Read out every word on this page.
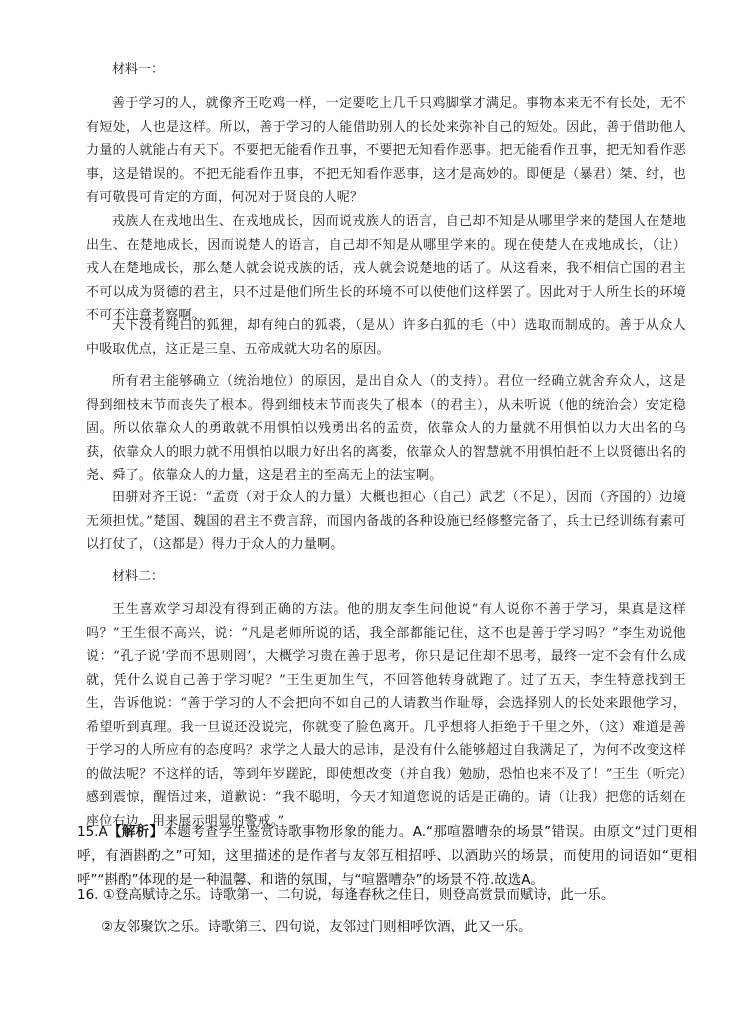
材料一：

善于学习的人，就像齐王吃鸡一样，一定要吃上几千只鸡脚掌才满足。事物本来无不有长处，无不有短处，人也是这样。所以，善于学习的人能借助别人的长处来弥补自己的短处。因此，善于借助他人力量的人就能占有天下。不要把无能看作丑事，不要把无知看作恶事。把无能看作丑事，把无知看作恶事，这是错误的。不把无能看作丑事，不把无知看作恶事，这才是高妙的。即便是（暴君）桀、纣，也有可敬畏可肯定的方面，何况对于贤良的人呢？

戎族人在戎地出生、在戎地成长，因而说戎族人的语言，自己却不知是从哪里学来的楚国人在楚地出生、在楚地成长，因而说楚人的语言，自己却不知是从哪里学来的。现在使楚人在戎地成长，（让）戎人在楚地成长，那么楚人就会说戎族的话，戎人就会说楚地的话了。从这看来，我不相信亡国的君主不可以成为贤德的君主，只不过是他们所生长的环境不可以使他们这样罢了。因此对于人所生长的环境不可不注意考察啊。

天下没有纯白的狐狸，却有纯白的狐裘，（是从）许多白狐的毛（中）选取而制成的。善于从众人中吸取优点，这正是三皇、五帝成就大功名的原因。

所有君主能够确立（统治地位）的原因，是出自众人（的支持）。君位一经确立就舍弃众人，这是得到细枝末节而丧失了根本。得到细枝末节而丧失了根本（的君主），从未听说（他的统治会）安定稳固。所以依靠众人的勇敢就不用惧怕以残勇出名的孟贲，依靠众人的力量就不用惧怕以力大出名的乌获，依靠众人的眼力就不用惧怕以眼力好出名的离娄，依靠众人的智慧就不用惧怕赶不上以贤德出名的尧、舜了。依靠众人的力量，这是君主的至高无上的法宝啊。

田骈对齐王说：“孟贲（对于众人的力量）大概也担心（自己）武艺（不足），因而（齐国的）边境无须担忧。”楚国、魏国的君主不费言辞，而国内备战的各种设施已经修整完备了，兵士已经训练有素可以打仗了，（这都是）得力于众人的力量啊。

材料二：

王生喜欢学习却没有得到正确的方法。他的朋友李生问他说“有人说你不善于学习，果真是这样吗？”王生很不高兴，说：“凡是老师所说的话，我全部都能记住，这不也是善于学习吗？”李生劝说他说：“孔子说‘学而不思则罔’，大概学习贵在善于思考，你只是记住却不思考，最终一定不会有什么成就，凭什么说自己善于学习呢？”王生更加生气，不回答他转身就跑了。过了五天，李生特意找到王生，告诉他说：“善于学习的人不会把向不如自己的人请教当作耻辱，会选择别人的长处来跟他学习，希望听到真理。我一旦说还没说完，你就变了脸色离开。几乎想将人拒绝于千里之外，（这）难道是善于学习的人所应有的态度吗？求学之人最大的忌讳，是没有什么能够超过自我满足了，为何不改变这样的做法呢？不这样的话，等到年岁蹉跎，即使想改变（并自我）勉励，恐怕也来不及了！”王生（听完）感到震惊，醒悟过来，道歉说：“我不聪明，今天才知道您说的话是正确的。请（让我）把您的话刻在座位右边，用来展示明显的警戒。”

15.A【解析】本题考查学生鉴赏诗歌事物形象的能力。A.“那喧嚣嘈杂的场景”错误。由原文“过门更相呼，有酒斟酌之”可知，这里描述的是作者与友邻互相招呼、以酒助兴的场景，而使用的词语如“更相呼”“斟酌”体现的是一种温馨、和谐的氛围，与“喧嚣嘈杂”的场景不符.故选A。
16. ①登高赋诗之乐。诗歌第一、二句说，每逢春秋之佳日，则登高赏景而赋诗，此一乐。
②友邻聚饮之乐。诗歌第三、四句说，友邻过门则相呼饮酒，此又一乐。
